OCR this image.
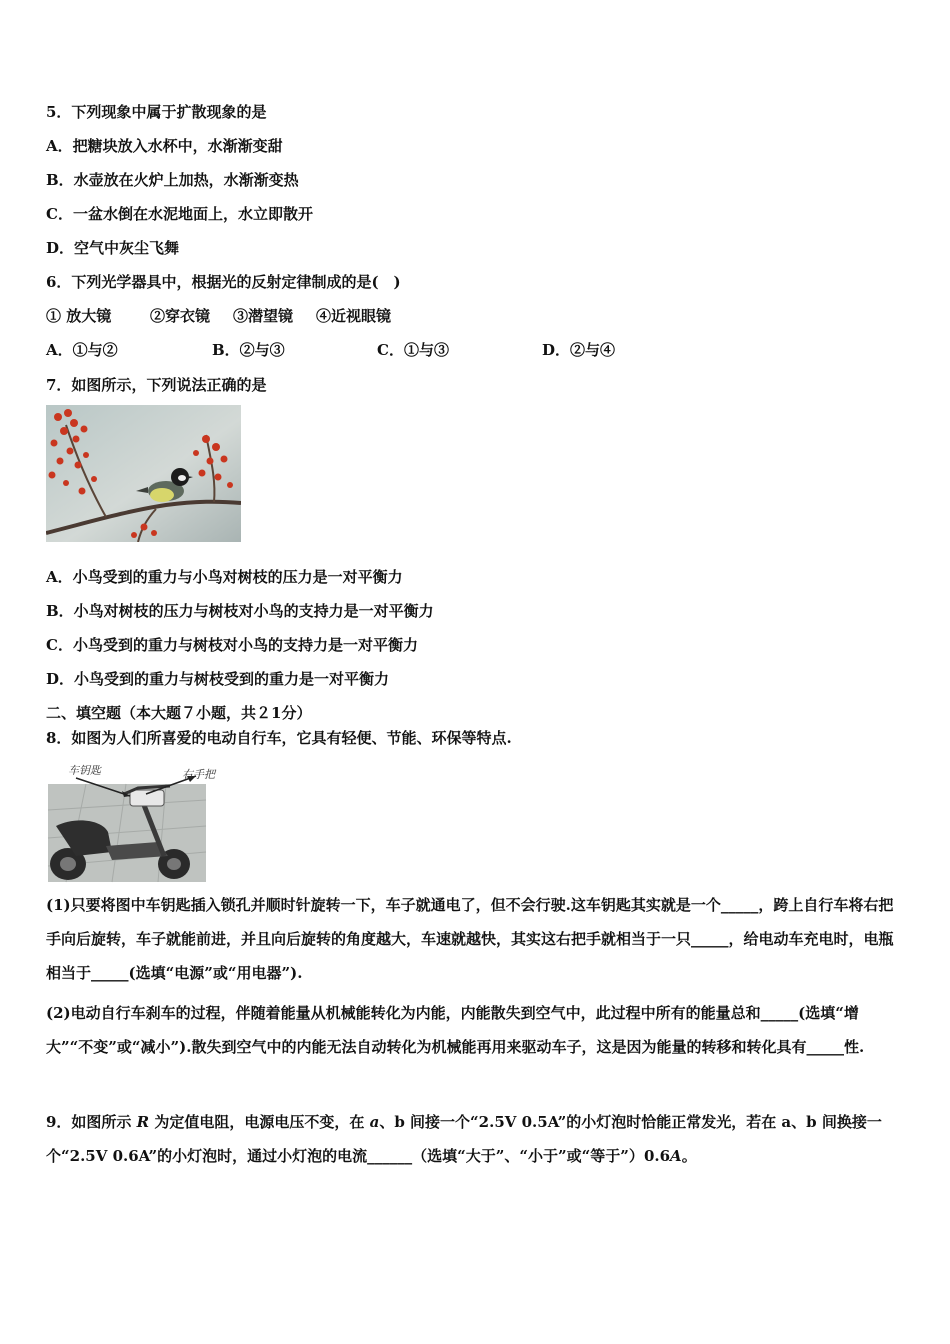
5．下列现象中属于扩散现象的是
A．把糖块放入水杯中，水渐渐变甜
B．水壶放在火炉上加热，水渐渐变热
C．一盆水倒在水泥地面上，水立即散开
D．空气中灰尘飞舞
6．下列光学器具中，根据光的反射定律制成的是(　)
① 放大镜	②穿衣镜 ③潜望镜 ④近视眼镜
A．①与②	B．②与③	C．①与③	D．②与④
7．如图所示，下列说法正确的是
A．小鸟受到的重力与小鸟对树枝的压力是一对平衡力
B．小鸟对树枝的压力与树枝对小鸟的支持力是一对平衡力
C．小鸟受到的重力与树枝对小鸟的支持力是一对平衡力
D．小鸟受到的重力与树枝受到的重力是一对平衡力
二、填空题（本大题７小题，共２1分）
8．如图为人们所喜爱的电动自行车，它具有轻便、节能、环保等特点.
车钥匙	右手把
(1)只要将图中车钥匙插入锁孔并顺时针旋转一下，车子就通电了，但不会行驶.这车钥匙其实就是一个_____，跨上自行车将右把手向后旋转，车子就能前进，并且向后旋转的角度越大，车速就越快，其实这右把手就相当于一只_____，给电动车充电时，电瓶相当于_____(选填“电源”或“用电器”).
(2)电动自行车刹车的过程，伴随着能量从机械能转化为内能，内能散失到空气中，此过程中所有的能量总和_____(选填“增大”“不变”或“减小”).散失到空气中的内能无法自动转化为机械能再用来驱动车子，这是因为能量的转移和转化具有_____性.
9．如图所示 R 为定值电阻，电源电压不变，在 a、b 间接一个“2.5V 0.5A”的小灯泡时恰能正常发光，若在 a、b 间换接一个“2.5V 0.6A”的小灯泡时，通过小灯泡的电流______（选填“大于”、“小于”或“等于”）0.6A。
